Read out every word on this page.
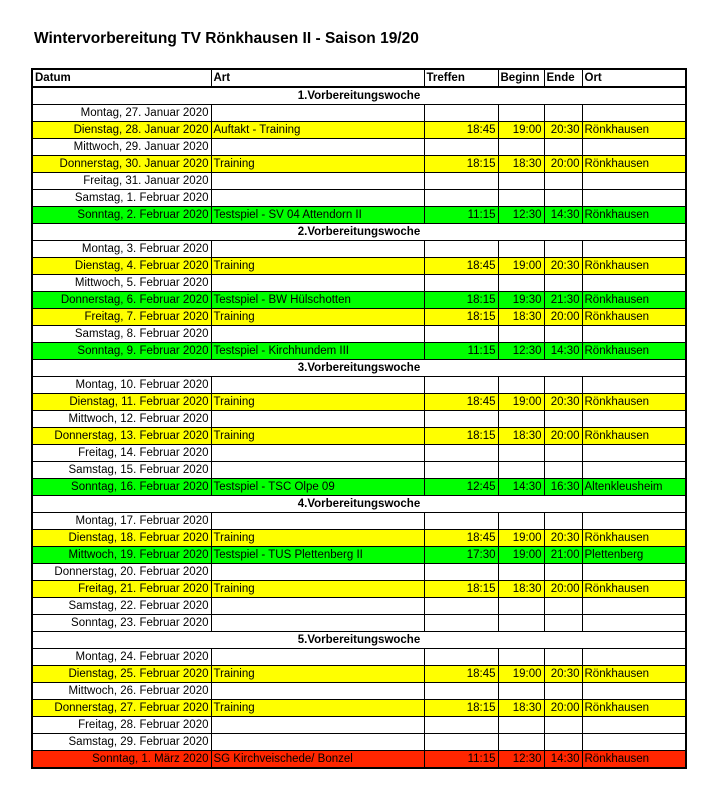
Wintervorbereitung TV Rönkhausen II - Saison 19/20
Datum	Art	Treffen	Beginn	Ende	Ort
1.Vorbereitungswoche					
Montag, 27. Januar 2020					
Dienstag, 28. Januar 2020	Auftakt - Training	18:45	19:00	20:30	Rönkhausen
Mittwoch, 29. Januar 2020					
Donnerstag, 30. Januar 2020	Training	18:15	18:30	20:00	Rönkhausen
Freitag, 31. Januar 2020					
Samstag, 1. Februar 2020					
Sonntag, 2. Februar 2020	Testspiel - SV 04 Attendorn II	11:15	12:30	14:30	Rönkhausen
2.Vorbereitungswoche					
Montag, 3. Februar 2020					
Dienstag, 4. Februar 2020	Training	18:45	19:00	20:30	Rönkhausen
Mittwoch, 5. Februar 2020					
Donnerstag, 6. Februar 2020	Testspiel - BW Hülschotten	18:15	19:30	21:30	Rönkhausen
Freitag, 7. Februar 2020	Training	18:15	18:30	20:00	Rönkhausen
Samstag, 8. Februar 2020					
Sonntag, 9. Februar 2020	Testspiel - Kirchhundem III	11:15	12:30	14:30	Rönkhausen
3.Vorbereitungswoche					
Montag, 10. Februar 2020					
Dienstag, 11. Februar 2020	Training	18:45	19:00	20:30	Rönkhausen
Mittwoch, 12. Februar 2020					
Donnerstag, 13. Februar 2020	Training	18:15	18:30	20:00	Rönkhausen
Freitag, 14. Februar 2020					
Samstag, 15. Februar 2020					
Sonntag, 16. Februar 2020	Testspiel - TSC Olpe 09	12:45	14:30	16:30	Altenkleusheim
4.Vorbereitungswoche					
Montag, 17. Februar 2020					
Dienstag, 18. Februar 2020	Training	18:45	19:00	20:30	Rönkhausen
Mittwoch, 19. Februar 2020	Testspiel - TUS Plettenberg II	17:30	19:00	21:00	Plettenberg
Donnerstag, 20. Februar 2020					
Freitag, 21. Februar 2020	Training	18:15	18:30	20:00	Rönkhausen
Samstag, 22. Februar 2020					
Sonntag, 23. Februar 2020					
5.Vorbereitungswoche					
Montag, 24. Februar 2020					
Dienstag, 25. Februar 2020	Training	18:45	19:00	20:30	Rönkhausen
Mittwoch, 26. Februar 2020					
Donnerstag, 27. Februar 2020	Training	18:15	18:30	20:00	Rönkhausen
Freitag, 28. Februar 2020					
Samstag, 29. Februar 2020					
Sonntag, 1. März 2020	SG Kirchveischede/ Bonzel	11:15	12:30	14:30	Rönkhausen
